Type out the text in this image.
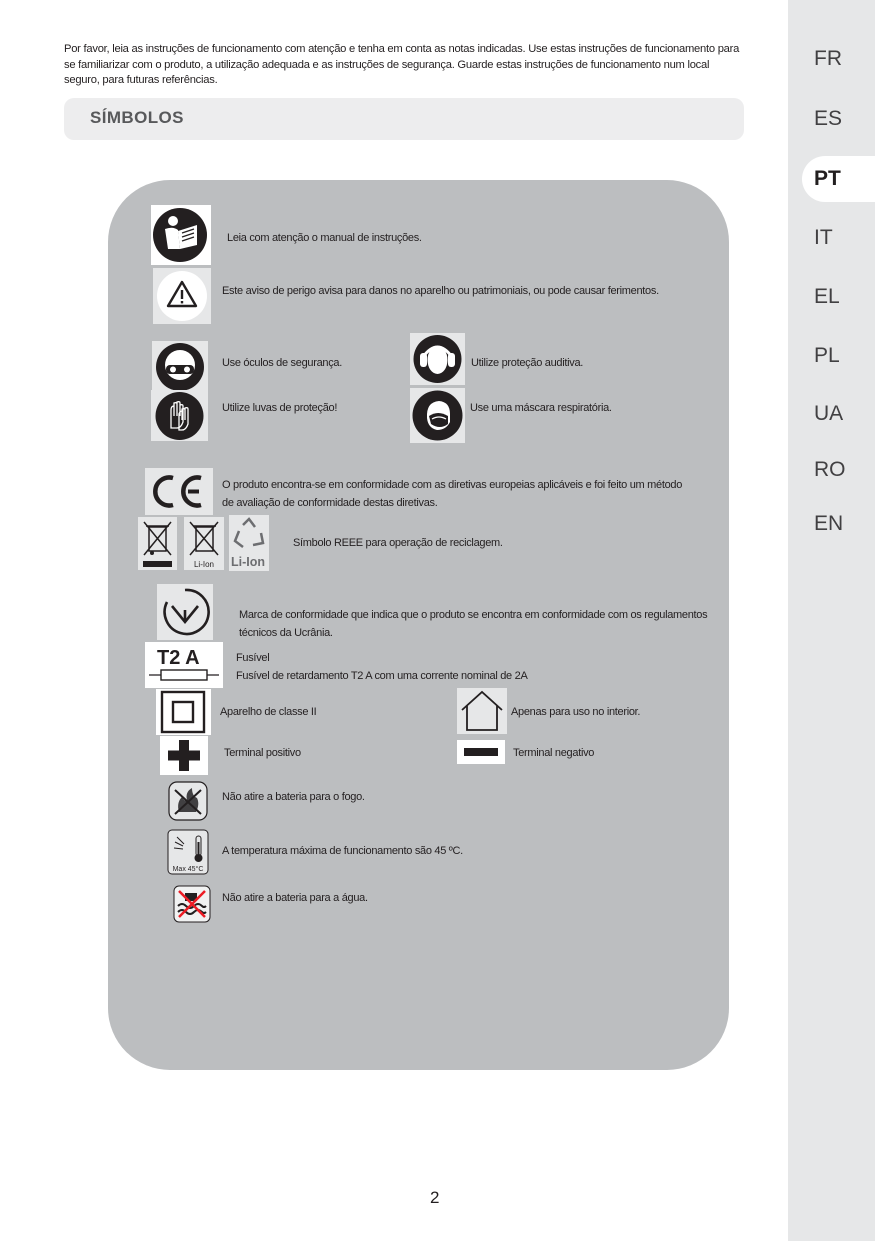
Por favor, leia as instruções de funcionamento com atenção e tenha em conta as notas indicadas. Use estas instruções de funcionamento para se familiarizar com o produto, a utilização adequada e as instruções de segurança. Guarde estas instruções de funcionamento num local seguro, para futuras referências.

SÍMBOLOS
Leia com atenção o manual de instruções.
Este aviso de perigo avisa para danos no aparelho ou patrimoniais, ou pode causar ferimentos.
Use óculos de segurança.	Utilize proteção auditiva.
Utilize luvas de proteção!	Use uma máscara respiratória.
O produto encontra-se em conformidade com as diretivas europeias aplicáveis e foi feito um método
de avaliação de conformidade destas diretivas.
Li-Ion Li-Ion
Símbolo REEE para operação de reciclagem.
Marca de conformidade que indica que o produto se encontra em conformidade com os regulamentos
técnicos da Ucrânia.
T2 A	Fusível
Fusível de retardamento T2 A com uma corrente nominal de 2A
Aparelho de classe II	Apenas para uso no interior.
Terminal positivo	Terminal negativo
Não atire a bateria para o fogo.
Max 45°C
A temperatura máxima de funcionamento são 45 ºC.
Não atire a bateria para a água.
FR
ES
PT
IT
EL
PL
UA
RO
EN
2
